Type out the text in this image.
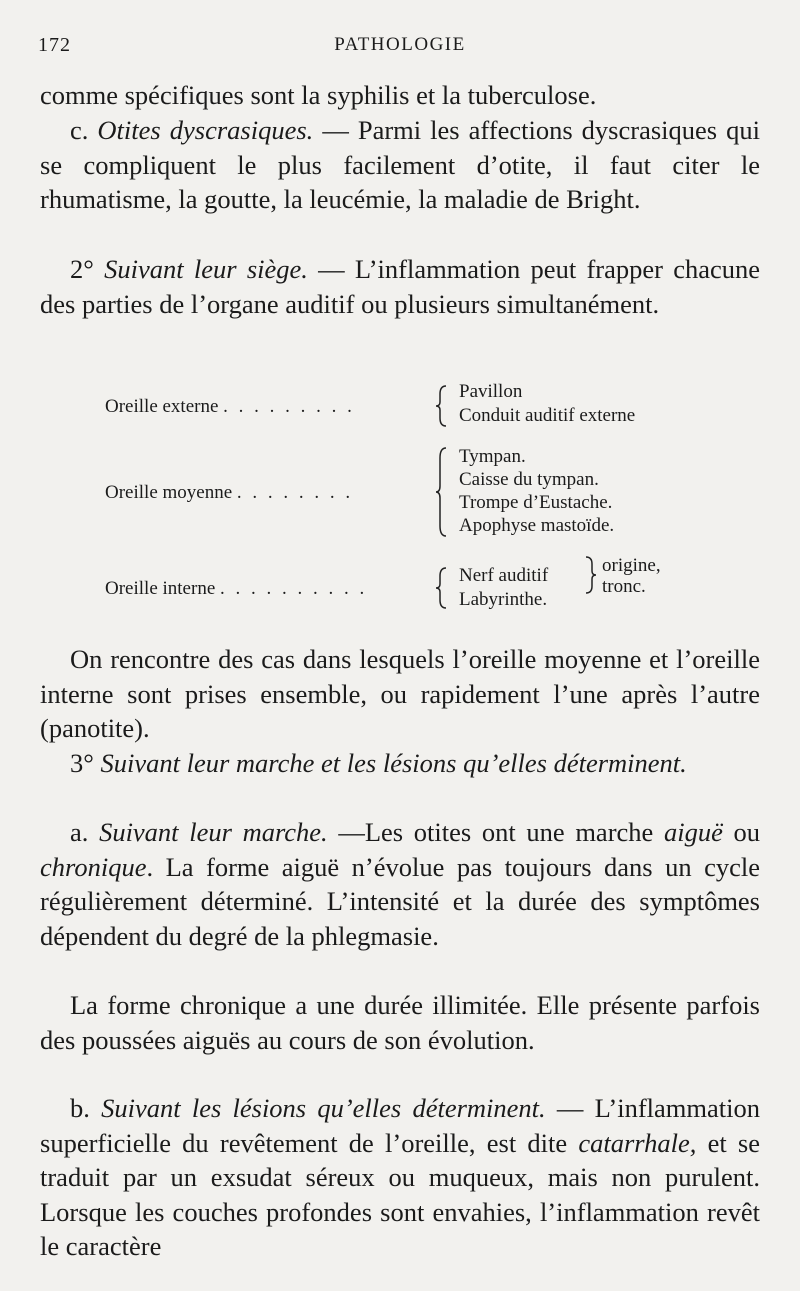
172	PATHOLOGIE

comme spécifiques sont la syphilis et la tuberculose.

c. Otites dyscrasiques. — Parmi les affections dyscrasiques qui se compliquent le plus facilement d’otite, il faut citer le rhumatisme, la goutte, la leucémie, la maladie de Bright.

2° Suivant leur siège. — L’inflammation peut frapper chacune des parties de l’organe auditif ou plusieurs simultanément.

Oreille externe . . . . . . . . .
Pavillon
Conduit auditif externe
Oreille moyenne . . . . . . . .
Tympan.
Caisse du tympan.
Trompe d’Eustache.
Apophyse mastoïde.
Oreille interne . . . . . . . . . .
Nerf auditif
Labyrinthe.
origine,
tronc.

On rencontre des cas dans lesquels l’oreille moyenne et l’oreille interne sont prises ensemble, ou rapidement l’une après l’autre (panotite).

3° Suivant leur marche et les lésions qu’elles déterminent.

a. Suivant leur marche. —Les otites ont une marche aiguë ou chronique. La forme aiguë n’évolue pas toujours dans un cycle régulièrement déterminé. L’intensité et la durée des symptômes dépendent du degré de la phlegmasie.

La forme chronique a une durée illimitée. Elle présente parfois des poussées aiguës au cours de son évolution.

b. Suivant les lésions qu’elles déterminent. — L’inflammation superficielle du revêtement de l’oreille, est dite catarrhale, et se traduit par un exsudat séreux ou muqueux, mais non purulent. Lorsque les couches profondes sont envahies, l’inflammation revêt le caractère
